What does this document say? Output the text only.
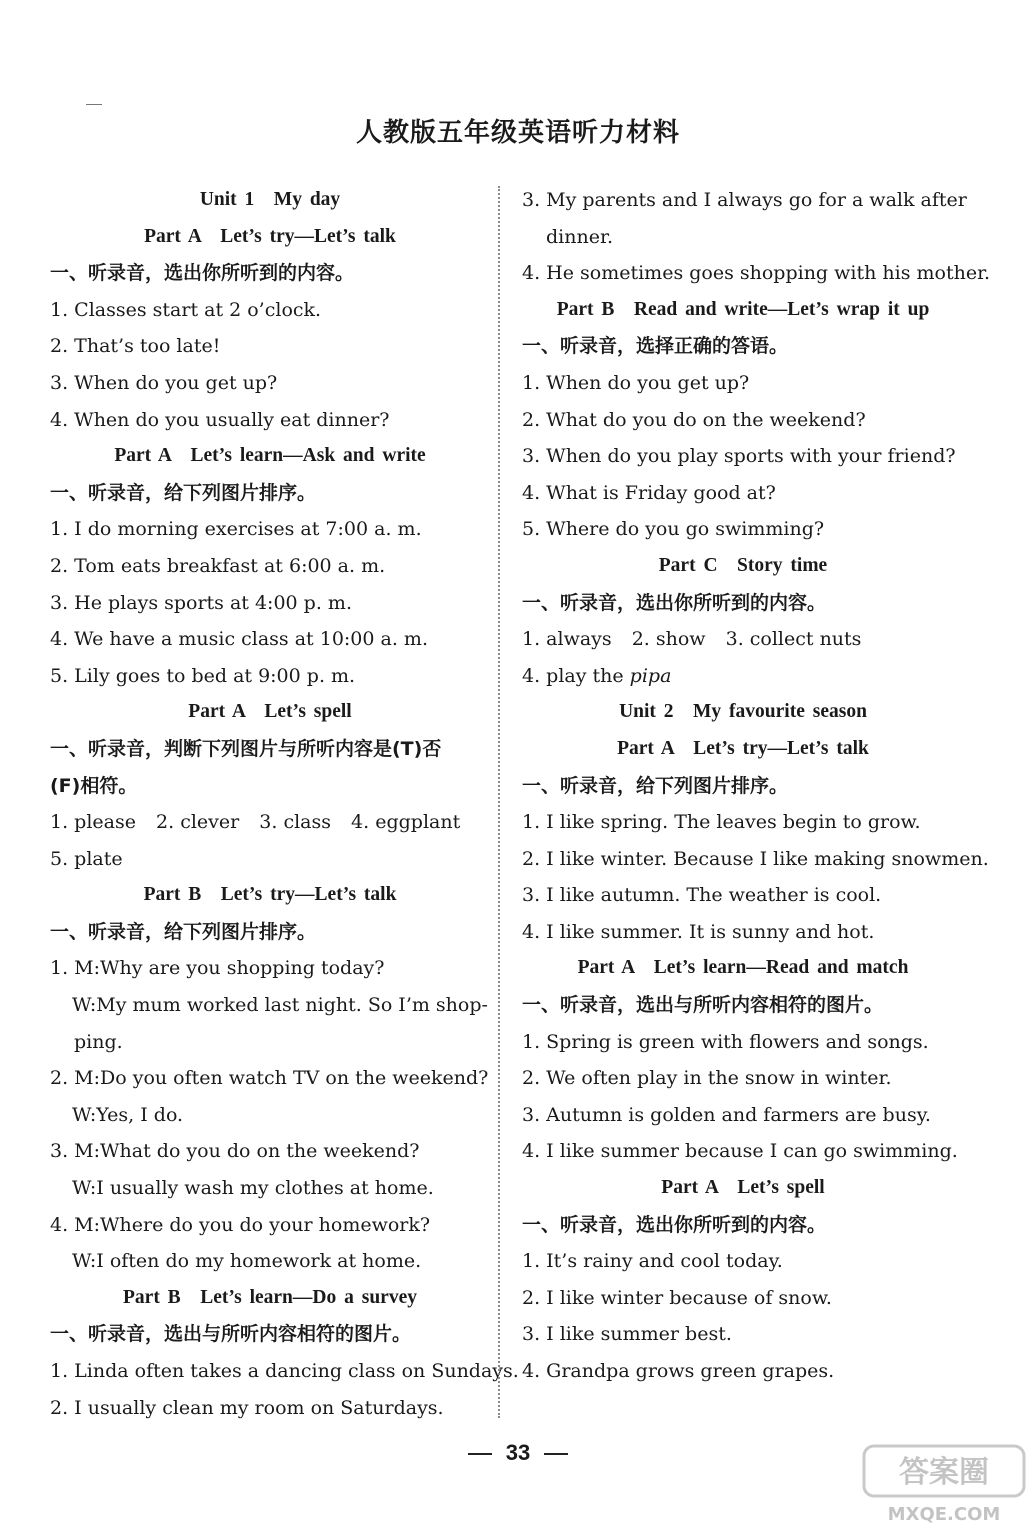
人教版五年级英语听力材料
Unit 1　My day
Part A　Let’s try—Let’s talk
一、听录音，选出你所听到的内容。
1. Classes start at 2 o’clock.
2. That’s too late!
3. When do you get up?
4. When do you usually eat dinner?
Part A　Let’s learn—Ask and write
一、听录音，给下列图片排序。
1. I do morning exercises at 7:00 a. m.
2. Tom eats breakfast at 6:00 a. m.
3. He plays sports at 4:00 p. m.
4. We have a music class at 10:00 a. m.
5. Lily goes to bed at 9:00 p. m.
Part A　Let’s spell
一、听录音，判断下列图片与所听内容是(T)否
(F)相符。
1. please 2. clever 3. class 4. eggplant
5. plate
Part B　Let’s try—Let’s talk
一、听录音，给下列图片排序。
1. M:Why are you shopping today?
W:My mum worked last night. So I’m shop-
ping.
2. M:Do you often watch TV on the weekend?
W:Yes, I do.
3. M:What do you do on the weekend?
W:I usually wash my clothes at home.
4. M:Where do you do your homework?
W:I often do my homework at home.
Part B　Let’s learn—Do a survey
一、听录音，选出与所听内容相符的图片。
1. Linda often takes a dancing class on Sundays.
2. I usually clean my room on Saturdays.
3. My parents and I always go for a walk after
dinner.
4. He sometimes goes shopping with his mother.
Part B　Read and write—Let’s wrap it up
一、听录音，选择正确的答语。
1. When do you get up?
2. What do you do on the weekend?
3. When do you play sports with your friend?
4. What is Friday good at?
5. Where do you go swimming?
Part C　Story time
一、听录音，选出你所听到的内容。
1. always 2. show 3. collect nuts
4. play the pipa
Unit 2　My favourite season
Part A　Let’s try—Let’s talk
一、听录音，给下列图片排序。
1. I like spring. The leaves begin to grow.
2. I like winter. Because I like making snowmen.
3. I like autumn. The weather is cool.
4. I like summer. It is sunny and hot.
Part A　Let’s learn—Read and match
一、听录音，选出与所听内容相符的图片。
1. Spring is green with flowers and songs.
2. We often play in the snow in winter.
3. Autumn is golden and farmers are busy.
4. I like summer because I can go swimming.
Part A　Let’s spell
一、听录音，选出你所听到的内容。
1. It’s rainy and cool today.
2. I like winter because of snow.
3. I like summer best.
4. Grandpa grows green grapes.
33
答案圈
MXQE.COM
